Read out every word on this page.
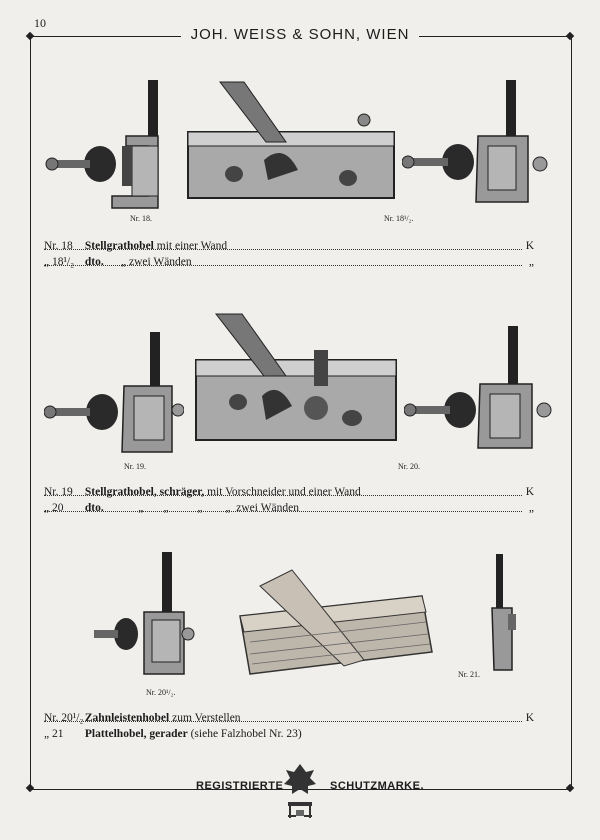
10
JOH. WEISS & SOHN, WIEN
Nr. 18.	Nr. 18¹/₂.
Nr. 18 Stellgrathobel mit einer Wand	K
„ 18¹/₂ dto.      „ zwei Wänden	„
Nr. 19.	Nr. 20.
Nr. 19 Stellgrathobel, schräger, mit Vorschneider und einer Wand	K
„ 20 dto.            „       „          „        „  zwei Wänden	„
Nr. 20¹/₂.
Nr. 21.
Nr. 20¹/₂ Zahnleistenhobel zum Verstellen	K
„ 21 Plattelhobel, gerader (siehe Falzhobel Nr. 23)
REGISTRIERTE	SCHUTZMARKE.
